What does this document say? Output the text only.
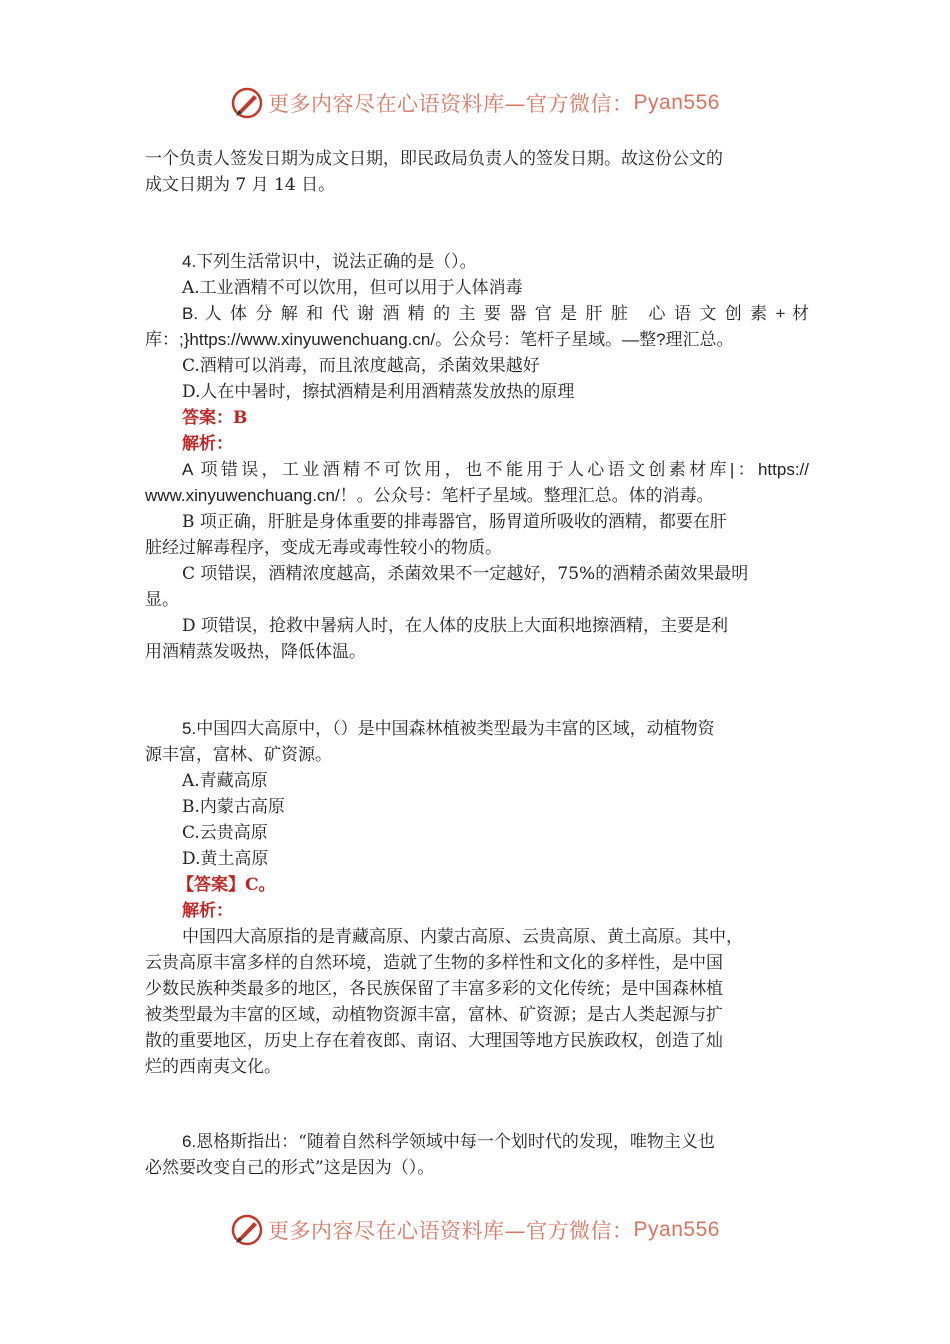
更多内容尽在心语资料库—官方微信： Pyan556

一个负责人签发日期为成文日期，即民政局负责人的签发日期。故这份公文的

成文日期为 7 月 14 日。

4.下列生活常识中，说法正确的是（）。

A.工业酒精不可以饮用，但可以用于人体消毒

B. 人 体 分 解 和 代 谢 酒 精 的 主 要 器 官 是 肝 脏　心 语 文 创 素 + 材

库：;}https://www.xinyuwenchuang.cn/。公众号：笔杆子星域。—整?理汇总。

C.酒精可以消毒，而且浓度越高，杀菌效果越好

D.人在中暑时，擦拭酒精是利用酒精蒸发放热的原理

答案：B

解析：

A 项错误，工业酒精不可饮用，也不能用于人心语文创素材库|：https://

www.xinyuwenchuang.cn/！。公众号：笔杆子星域。整理汇总。体的消毒。

B 项正确，肝脏是身体重要的排毒器官，肠胃道所吸收的酒精，都要在肝

脏经过解毒程序，变成无毒或毒性较小的物质。

C 项错误，酒精浓度越高，杀菌效果不一定越好，75%的酒精杀菌效果最明

显。

D 项错误，抢救中暑病人时，在人体的皮肤上大面积地擦酒精，主要是利

用酒精蒸发吸热，降低体温。

5.中国四大高原中，（）是中国森林植被类型最为丰富的区域，动植物资

源丰富，富林、矿资源。

A.青藏高原

B.内蒙古高原

C.云贵高原

D.黄土高原

【答案】C。

解析：

中国四大高原指的是青藏高原、内蒙古高原、云贵高原、黄土高原。其中，

云贵高原丰富多样的自然环境，造就了生物的多样性和文化的多样性，是中国

少数民族种类最多的地区，各民族保留了丰富多彩的文化传统；是中国森林植

被类型最为丰富的区域，动植物资源丰富，富林、矿资源；是古人类起源与扩

散的重要地区，历史上存在着夜郎、南诏、大理国等地方民族政权，创造了灿

烂的西南夷文化。

6.恩格斯指出：“随着自然科学领域中每一个划时代的发现，唯物主义也

必然要改变自己的形式”这是因为（）。

更多内容尽在心语资料库—官方微信： Pyan556
